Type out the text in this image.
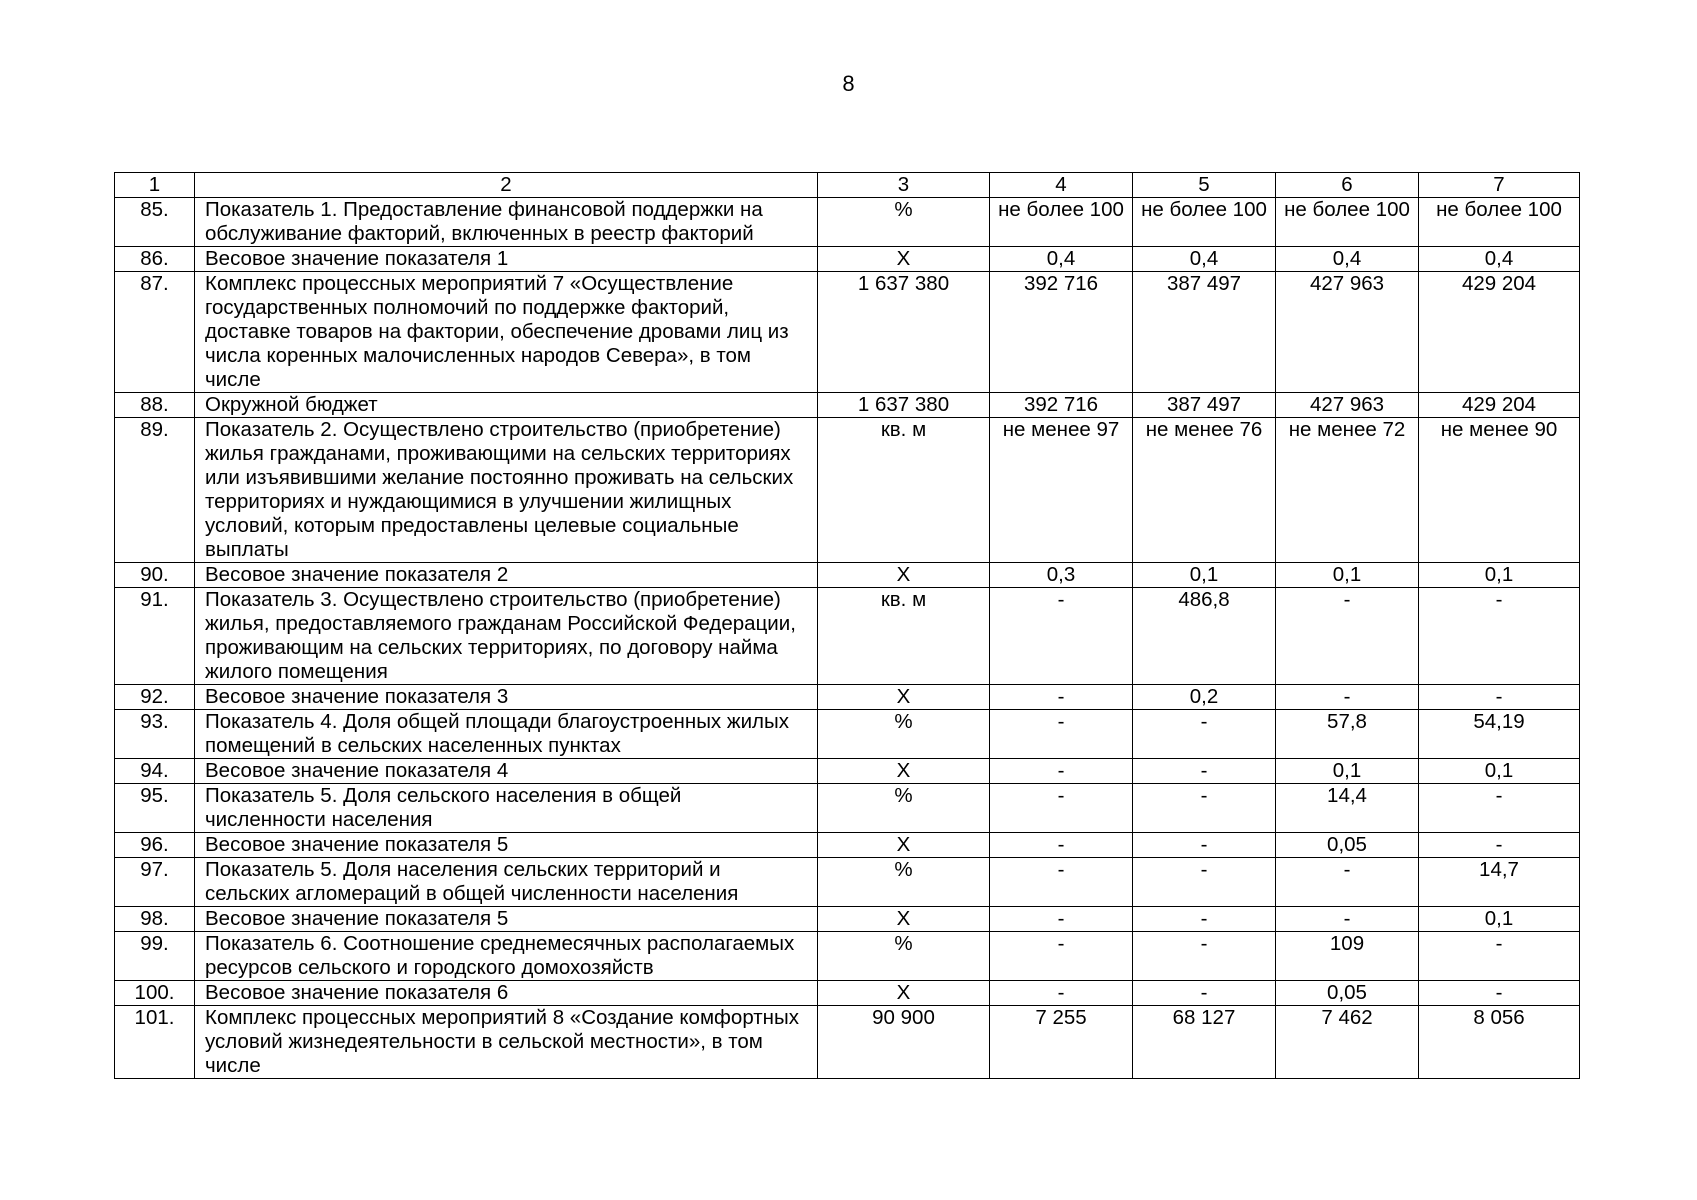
8
1	2	3	4	5	6	7
85.	Показатель 1. Предоставление финансовой поддержки на обслуживание факторий, включенных в реестр факторий	%	не более 100	не более 100	не более 100	не более 100
86.	Весовое значение показателя 1	Х	0,4	0,4	0,4	0,4
87.	Комплекс процессных мероприятий 7 «Осуществление государственных полномочий по поддержке факторий, доставке товаров на фактории, обеспечение дровами лиц из числа коренных малочисленных народов Севера», в том числе	1 637 380	392 716	387 497	427 963	429 204
88.	Окружной бюджет	1 637 380	392 716	387 497	427 963	429 204
89.	Показатель 2. Осуществлено строительство (приобретение) жилья гражданами, проживающими на сельских территориях или изъявившими желание постоянно проживать на сельских территориях и нуждающимися в улучшении жилищных условий, которым предоставлены целевые социальные выплаты	кв. м	не менее 97	не менее 76	не менее 72	не менее 90
90.	Весовое значение показателя 2	Х	0,3	0,1	0,1	0,1
91.	Показатель 3. Осуществлено строительство (приобретение) жилья, предоставляемого гражданам Российской Федерации, проживающим на сельских территориях, по договору найма жилого помещения	кв. м	-	486,8	-	-
92.	Весовое значение показателя 3	Х	-	0,2	-	-
93.	Показатель 4. Доля общей площади благоустроенных жилых помещений в сельских населенных пунктах	%	-	-	57,8	54,19
94.	Весовое значение показателя 4	Х	-	-	0,1	0,1
95.	Показатель 5. Доля сельского населения в общей численности населения	%	-	-	14,4	-
96.	Весовое значение показателя 5	Х	-	-	0,05	-
97.	Показатель 5. Доля населения сельских территорий и сельских агломераций в общей численности населения	%	-	-	-	14,7
98.	Весовое значение показателя 5	Х	-	-	-	0,1
99.	Показатель 6. Соотношение среднемесячных располагаемых ресурсов сельского и городского домохозяйств	%	-	-	109	-
100.	Весовое значение показателя 6	Х	-	-	0,05	-
101.	Комплекс процессных мероприятий 8 «Создание комфортных условий жизнедеятельности в сельской местности», в том числе	90 900	7 255	68 127	7 462	8 056
